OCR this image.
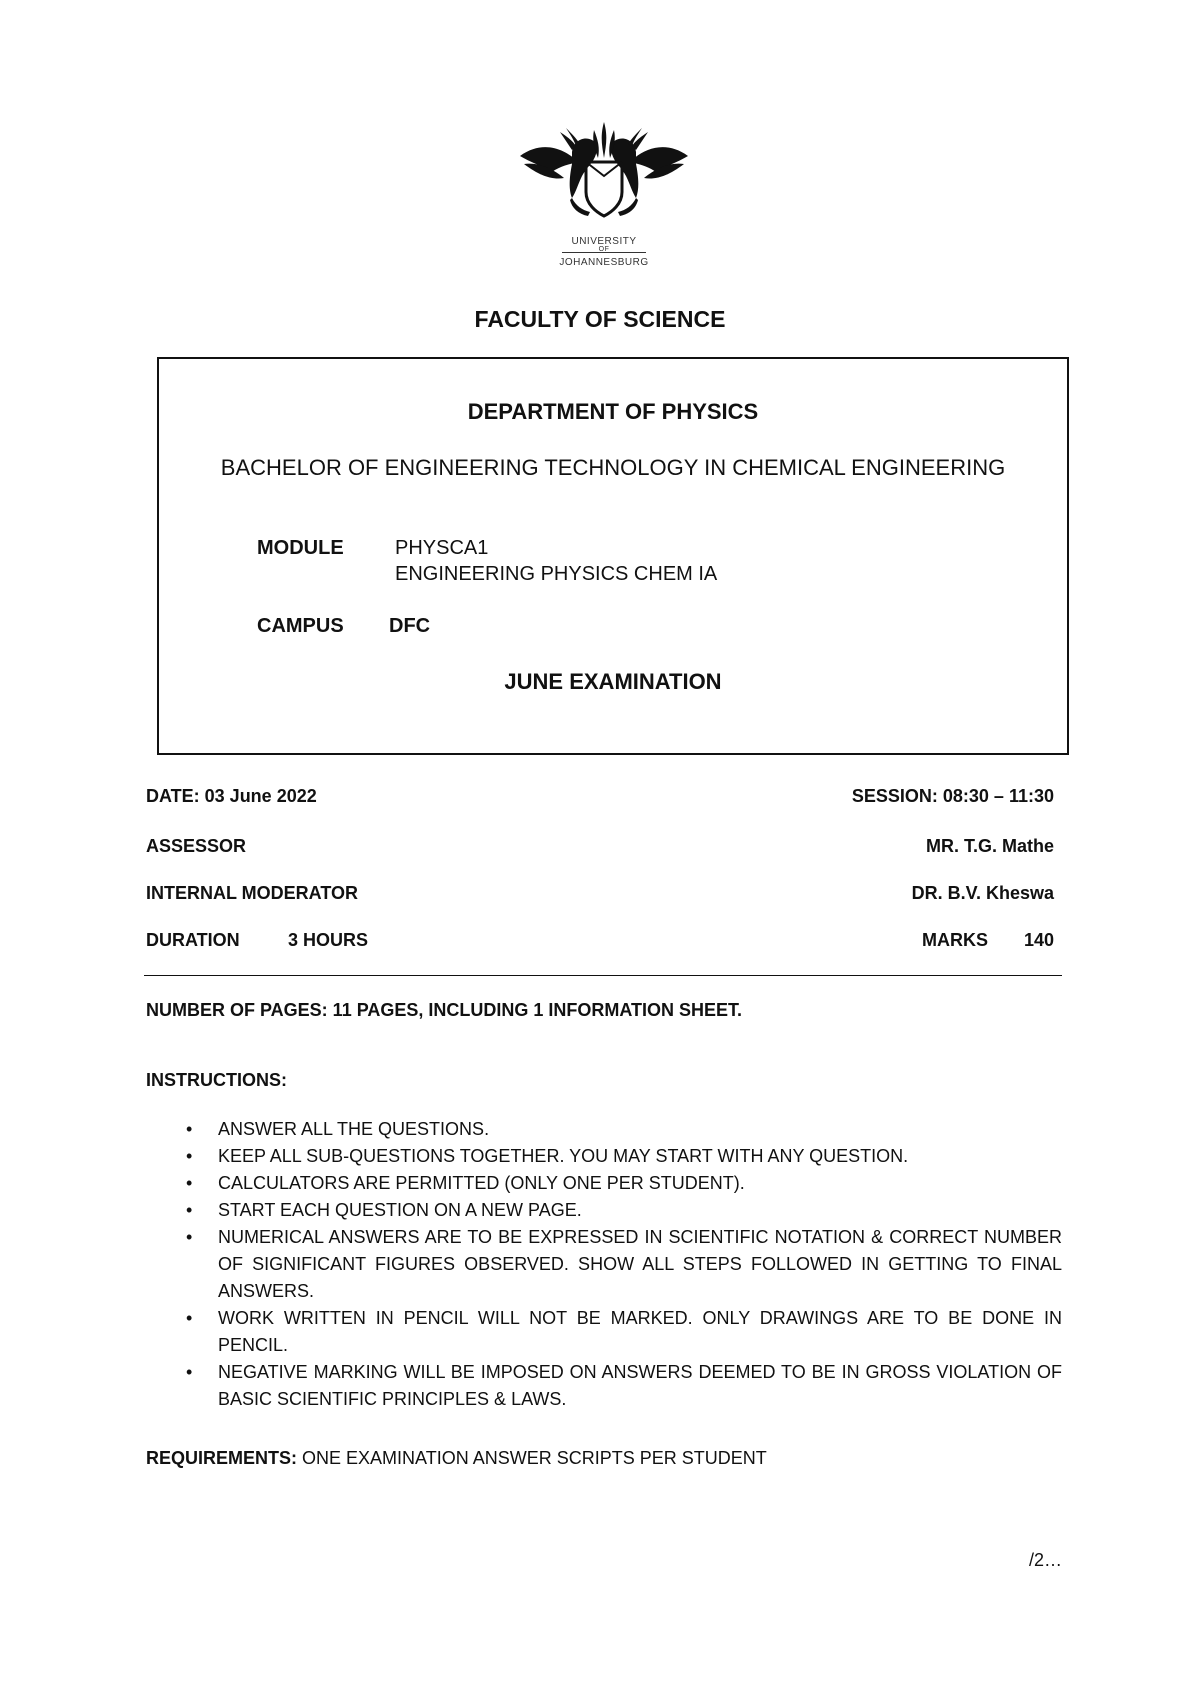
UNIVERSITY
OF
JOHANNESBURG
FACULTY OF SCIENCE
DEPARTMENT OF PHYSICS
BACHELOR OF ENGINEERING TECHNOLOGY IN CHEMICAL ENGINEERING
MODULE	PHYSCA1
ENGINEERING PHYSICS CHEM IA
CAMPUS DFC
JUNE EXAMINATION
DATE: 03 June 2022	SESSION: 08:30 – 11:30
ASSESSOR	MR. T.G. Mathe
INTERNAL MODERATOR	DR. B.V. Kheswa
DURATION	3 HOURS	MARKS 140
NUMBER OF PAGES: 11 PAGES, INCLUDING 1 INFORMATION SHEET.
INSTRUCTIONS:
• ANSWER ALL THE QUESTIONS.
• KEEP ALL SUB-QUESTIONS TOGETHER. YOU MAY START WITH ANY QUESTION.
• CALCULATORS ARE PERMITTED (ONLY ONE PER STUDENT).
• START EACH QUESTION ON A NEW PAGE.
• NUMERICAL ANSWERS ARE TO BE EXPRESSED IN SCIENTIFIC NOTATION & CORRECT NUMBER OF SIGNIFICANT FIGURES OBSERVED. SHOW ALL STEPS FOLLOWED IN GETTING TO FINAL ANSWERS.
• WORK WRITTEN IN PENCIL WILL NOT BE MARKED. ONLY DRAWINGS ARE TO BE DONE IN PENCIL.
• NEGATIVE MARKING WILL BE IMPOSED ON ANSWERS DEEMED TO BE IN GROSS VIOLATION OF BASIC SCIENTIFIC PRINCIPLES & LAWS.
REQUIREMENTS: ONE EXAMINATION ANSWER SCRIPTS PER STUDENT
/2…
